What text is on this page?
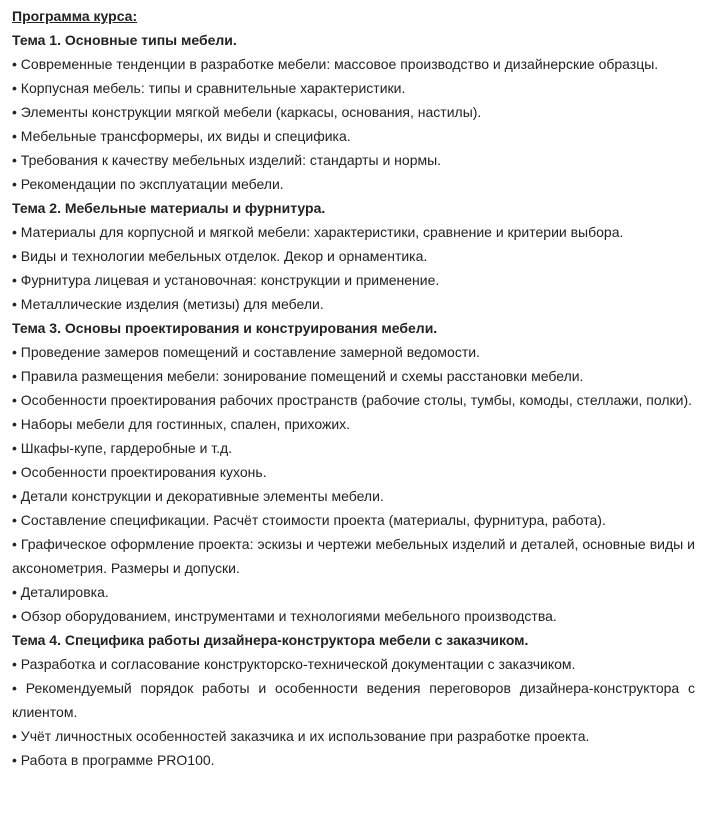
Программа курса:
Тема 1. Основные типы мебели.
• Современные тенденции в разработке мебели: массовое производство и дизайнерские образцы.
• Корпусная мебель: типы и сравнительные характеристики.
• Элементы конструкции мягкой мебели (каркасы, основания, настилы).
• Мебельные трансформеры, их виды и специфика.
• Требования к качеству мебельных изделий: стандарты и нормы.
• Рекомендации по эксплуатации мебели.
Тема 2. Мебельные материалы и фурнитура.
• Материалы для корпусной и мягкой мебели: характеристики, сравнение и критерии выбора.
• Виды и технологии мебельных отделок. Декор и орнаментика.
• Фурнитура лицевая и установочная: конструкции и применение.
• Металлические изделия (метизы) для мебели.
Тема 3. Основы проектирования и конструирования мебели.
• Проведение замеров помещений и составление замерной ведомости.
• Правила размещения мебели: зонирование помещений и схемы расстановки мебели.
• Особенности проектирования рабочих пространств (рабочие столы, тумбы, комоды, стеллажи, полки).
• Наборы мебели для гостинных, спален, прихожих.
• Шкафы-купе, гардеробные и т.д.
• Особенности проектирования кухонь.
• Детали конструкции и декоративные элементы мебели.
• Составление спецификации. Расчёт стоимости проекта (материалы, фурнитура, работа).
• Графическое оформление проекта: эскизы и чертежи мебельных изделий и деталей, основные виды и аксонометрия. Размеры и допуски.
• Деталировка.
• Обзор оборудованием, инструментами и технологиями мебельного производства.
Тема 4. Специфика работы дизайнера-конструктора мебели с заказчиком.
• Разработка и согласование конструкторско-технической документации с заказчиком.
• Рекомендуемый порядок работы и особенности ведения переговоров дизайнера-конструктора с клиентом.
• Учёт личностных особенностей заказчика и их использование при разработке проекта.
• Работа в программе PRO100.
